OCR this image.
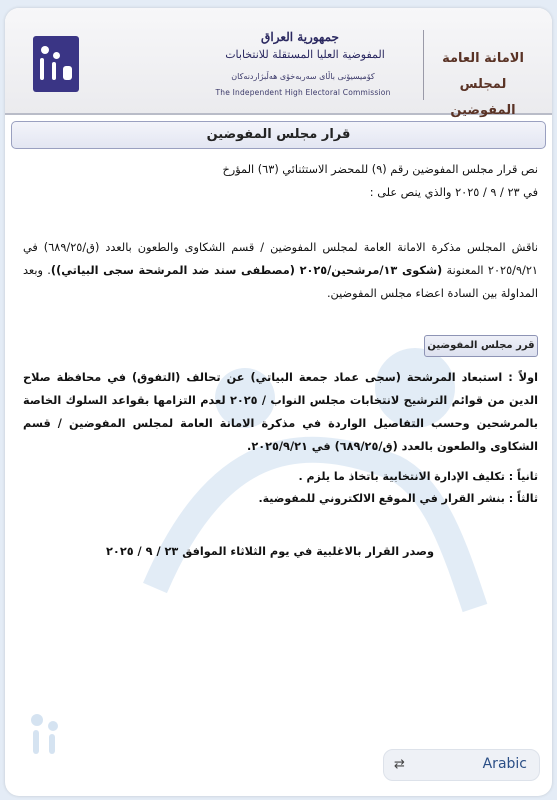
جمهورية العراق
المفوضية العليا المستقلة للانتخابات
كۆمیسیۆنی باڵای سەربەخۆی هەڵبژاردنەکان
The Independent High Electoral Commission
الامانة العامة
لمجلس المفوضين
قرار مجلس المفوضين
نص قرار مجلس المفوضين رقم (٩) للمحضر الاستثنائي (٦٣) المؤرخ
في ٢٣ / ٩ / ٢٠٢٥ والذي ينص على :
ناقش المجلس مذكرة الامانة العامة لمجلس المفوضين / قسم الشكاوى والطعون بالعدد (ق/٦٨٩/٢٥) في ٢٠٢٥/٩/٢١ المعنونة (شكوى ١٣/مرشحين/٢٠٢٥ (مصطفى سند ضد المرشحة سجى البياتي)). وبعد المداولة بين السادة اعضاء مجلس المفوضين.
قرر مجلس المفوضين
اولاً : استبعاد المرشحة (سجى عماد جمعة البياتي) عن تحالف (التفوق) في محافظة صلاح الدين من قوائم الترشيح لانتخابات مجلس النواب / ٢٠٢٥ لعدم التزامها بقواعد السلوك الخاصة بالمرشحين وحسب التفاصيل الواردة في مذكرة الامانة العامة لمجلس المفوضين / قسم الشكاوى والطعون بالعدد (ق/٦٨٩/٢٥) في ٢٠٢٥/٩/٢١.
ثانياً : تكليف الإدارة الانتخابية باتخاذ ما يلزم .
ثالثاً : بنشر القرار في الموقع الالكتروني للمفوضية.
وصدر القرار بالاغلبية في يوم الثلاثاء الموافق ٢٣ / ٩ / ٢٠٢٥
⇄	Arabic
